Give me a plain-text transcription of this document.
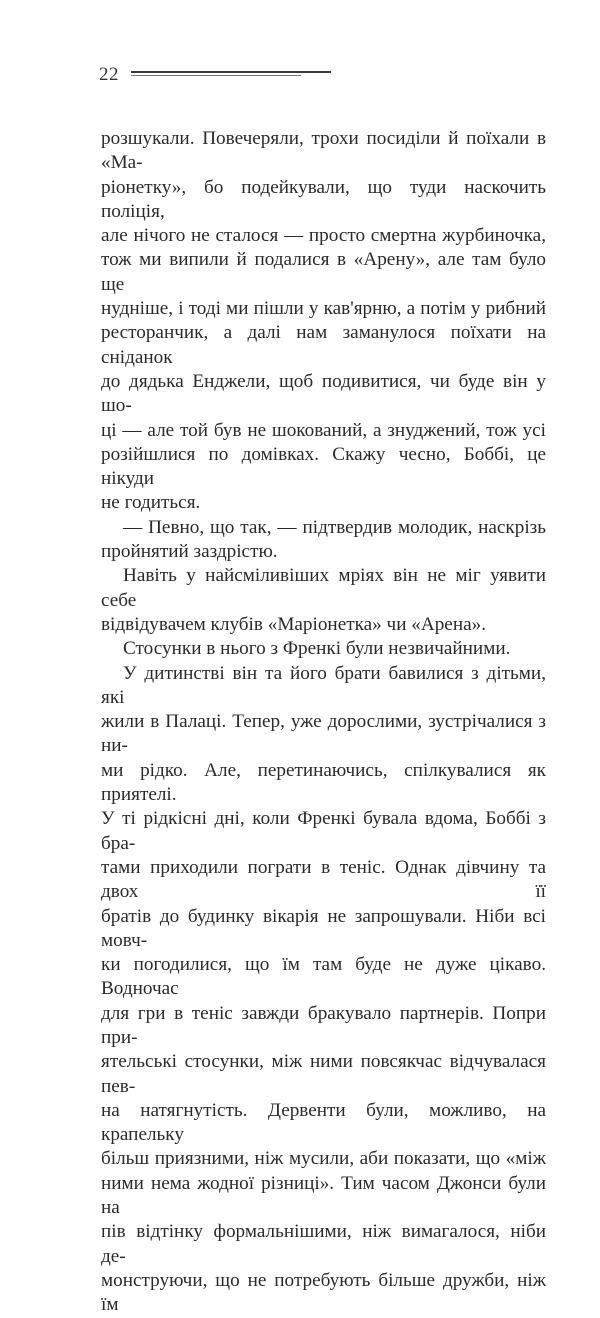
22

розшукали. Повечеряли, трохи посиділи й поїхали в «Ма-

ріонетку», бо подейкували, що туди наскочить поліція,

але нічого не сталося — просто смертна журбиночка,

тож ми випили й подалися в «Арену», але там було ще

нудніше, і тоді ми пішли у кав'ярню, а потім у рибний

ресторанчик, а далі нам заманулося поїхати на сніданок

до дядька Енджели, щоб подивитися, чи буде він у шо-

ці — але той був не шокований, а знуджений, тож усі

розійшлися по домівках. Скажу чесно, Боббі, це нікуди

не годиться.

— Певно, що так, — підтвердив молодик, наскрізь

пройнятий заздрістю.

Навіть у найсміливіших мріях він не міг уявити себе

відвідувачем клубів «Маріонетка» чи «Арена».

Стосунки в нього з Френкі були незвичайними.

У дитинстві він та його брати бавилися з дітьми, які

жили в Палаці. Тепер, уже дорослими, зустрічалися з ни-

ми рідко. Але, перетинаючись, спілкувалися як приятелі.

У ті рідкісні дні, коли Френкі бувала вдома, Боббі з бра-

тами приходили пограти в теніс. Однак дівчину та двох її

братів до будинку вікарія не запрошували. Ніби всі мовч-

ки погодилися, що їм там буде не дуже цікаво. Водночас

для гри в теніс завжди бракувало партнерів. Попри при-

ятельські стосунки, між ними повсякчас відчувалася пев-

на натягнутість. Дервенти були, можливо, на крапельку

більш приязними, ніж мусили, аби показати, що «між

ними нема жодної різниці». Тим часом Джонси були на

пів відтінку формальнішими, ніж вимагалося, ніби де-

монструючи, що не потребують більше дружби, ніж їм
